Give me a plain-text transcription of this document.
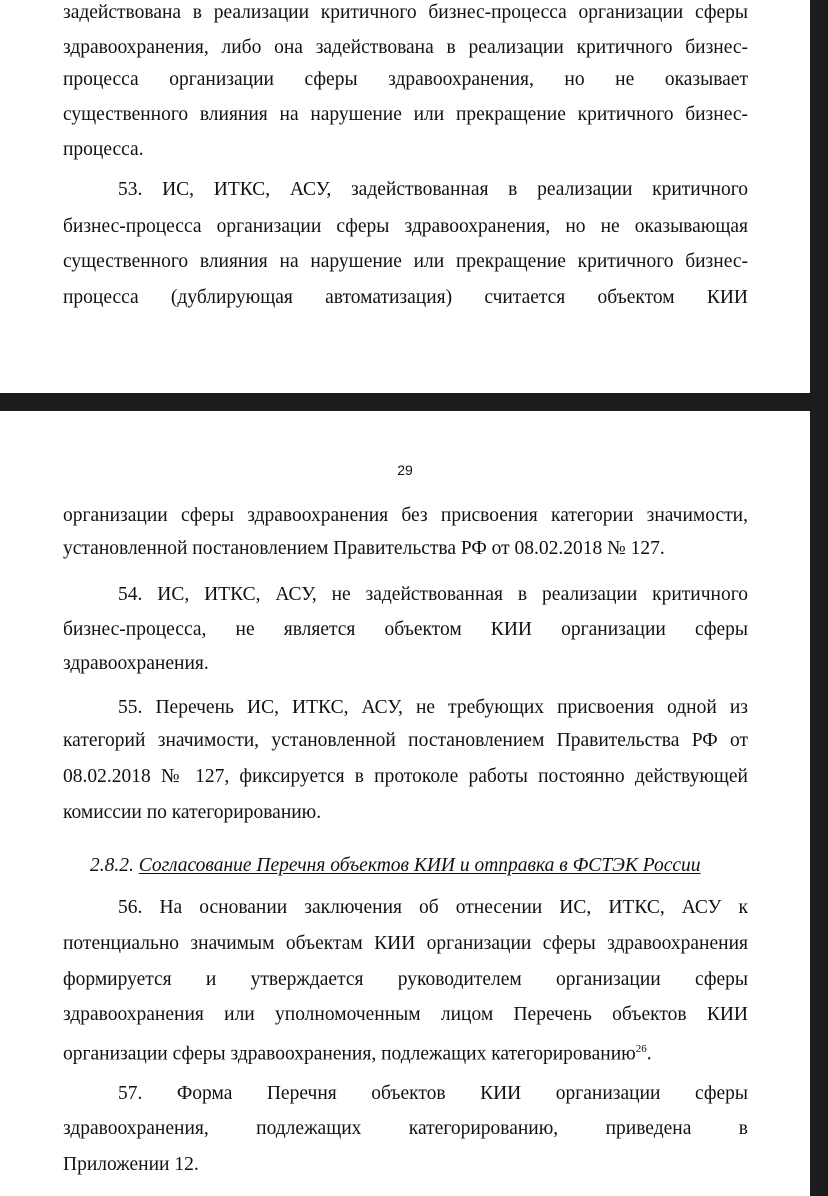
задействована в реализации критичного бизнес-процесса организации сферы
здравоохранения, либо она задействована в реализации критичного бизнес-
процесса организации сферы здравоохранения, но не оказывает
существенного влияния на нарушение или прекращение критичного бизнес-
процесса.
53. ИС, ИТКС, АСУ, задействованная в реализации критичного
бизнес-процесса организации сферы здравоохранения, но не оказывающая
существенного влияния на нарушение или прекращение критичного бизнес-
процесса (дублирующая автоматизация) считается объектом КИИ
29
организации сферы здравоохранения без присвоения категории значимости,
установленной постановлением Правительства РФ от 08.02.2018 № 127.
54. ИС, ИТКС, АСУ, не задействованная в реализации критичного
бизнес-процесса, не является объектом КИИ организации сферы
здравоохранения.
55. Перечень ИС, ИТКС, АСУ, не требующих присвоения одной из
категорий значимости, установленной постановлением Правительства РФ от
08.02.2018 № 127, фиксируется в протоколе работы постоянно действующей
комиссии по категорированию.
2.8.2. Согласование Перечня объектов КИИ и отправка в ФСТЭК России
56. На основании заключения об отнесении ИС, ИТКС, АСУ к
потенциально значимым объектам КИИ организации сферы здравоохранения
формируется и утверждается руководителем организации сферы
здравоохранения или уполномоченным лицом Перечень объектов КИИ
организации сферы здравоохранения, подлежащих категорированию$^{26}$.
57. Форма Перечня объектов КИИ организации сферы
здравоохранения, подлежащих категорированию, приведена в
Приложении 12.
